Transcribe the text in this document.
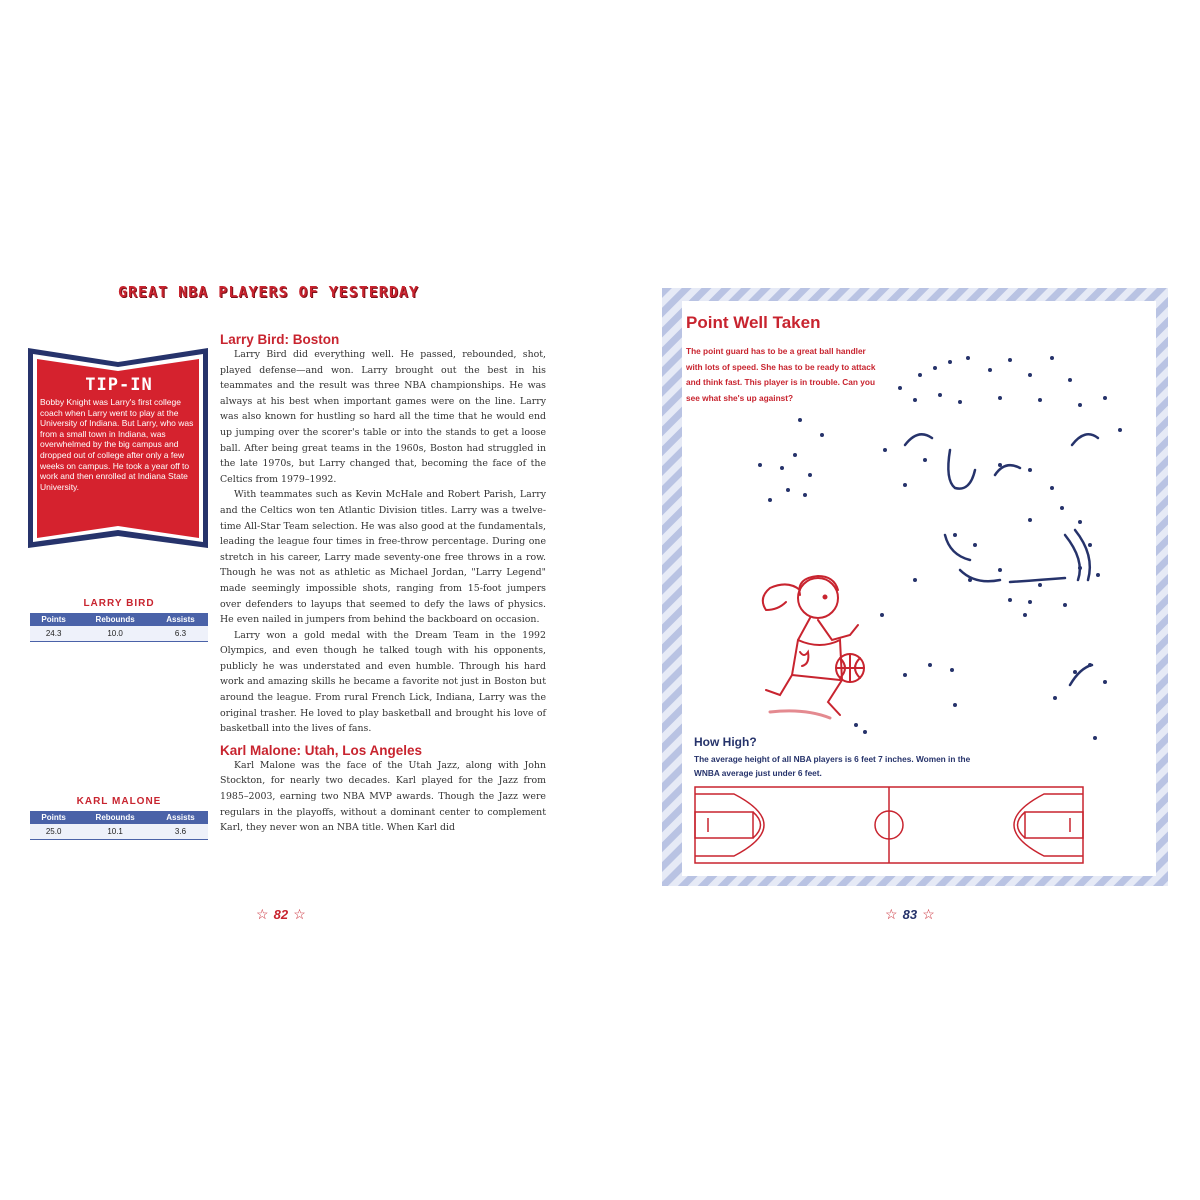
GREAT NBA PLAYERS OF YESTERDAY
TIP-IN
Bobby Knight was Larry's first college coach when Larry went to play at the University of Indiana. But Larry, who was from a small town in Indiana, was overwhelmed by the big campus and dropped out of college after only a few weeks on campus. He took a year off to work and then enrolled at Indiana State University.
LARRY BIRD
Points	Rebounds	Assists
24.3	10.0	6.3
KARL MALONE
Points	Rebounds	Assists
25.0	10.1	3.6
Larry Bird: Boston

Larry Bird did everything well. He passed, rebounded, shot, played defense—and won. Larry brought out the best in his teammates and the result was three NBA championships. He was always at his best when important games were on the line. Larry was also known for hustling so hard all the time that he would end up jumping over the scorer's table or into the stands to get a loose ball. After being great teams in the 1960s, Boston had struggled in the late 1970s, but Larry changed that, becoming the face of the Celtics from 1979–1992.

With teammates such as Kevin McHale and Robert Parish, Larry and the Celtics won ten Atlantic Division titles. Larry was a twelve-time All-Star Team selection. He was also good at the fundamentals, leading the league four times in free-throw percentage. During one stretch in his career, Larry made seventy-one free throws in a row. Though he was not as athletic as Michael Jordan, "Larry Legend" made seemingly impossible shots, ranging from 15-foot jumpers over defenders to layups that seemed to defy the laws of physics. He even nailed in jumpers from behind the backboard on occasion.

Larry won a gold medal with the Dream Team in the 1992 Olympics, and even though he talked tough with his opponents, publicly he was understated and even humble. Through his hard work and amazing skills he became a favorite not just in Boston but around the league. From rural French Lick, Indiana, Larry was the original trasher. He loved to play basketball and brought his love of basketball into the lives of fans.

Karl Malone: Utah, Los Angeles

Karl Malone was the face of the Utah Jazz, along with John Stockton, for nearly two decades. Karl played for the Jazz from 1985–2003, earning two NBA MVP awards. Though the Jazz were regulars in the playoffs, without a dominant center to complement Karl, they never won an NBA title. When Karl did

☆ 82 ☆
Point Well Taken
The point guard has to be a great ball handler with lots of speed. She has to be ready to attack and think fast. This player is in trouble. Can you see what she's up against?
How High?
The average height of all NBA players is 6 feet 7 inches. Women in the WNBA average just under 6 feet.
☆ 83 ☆
